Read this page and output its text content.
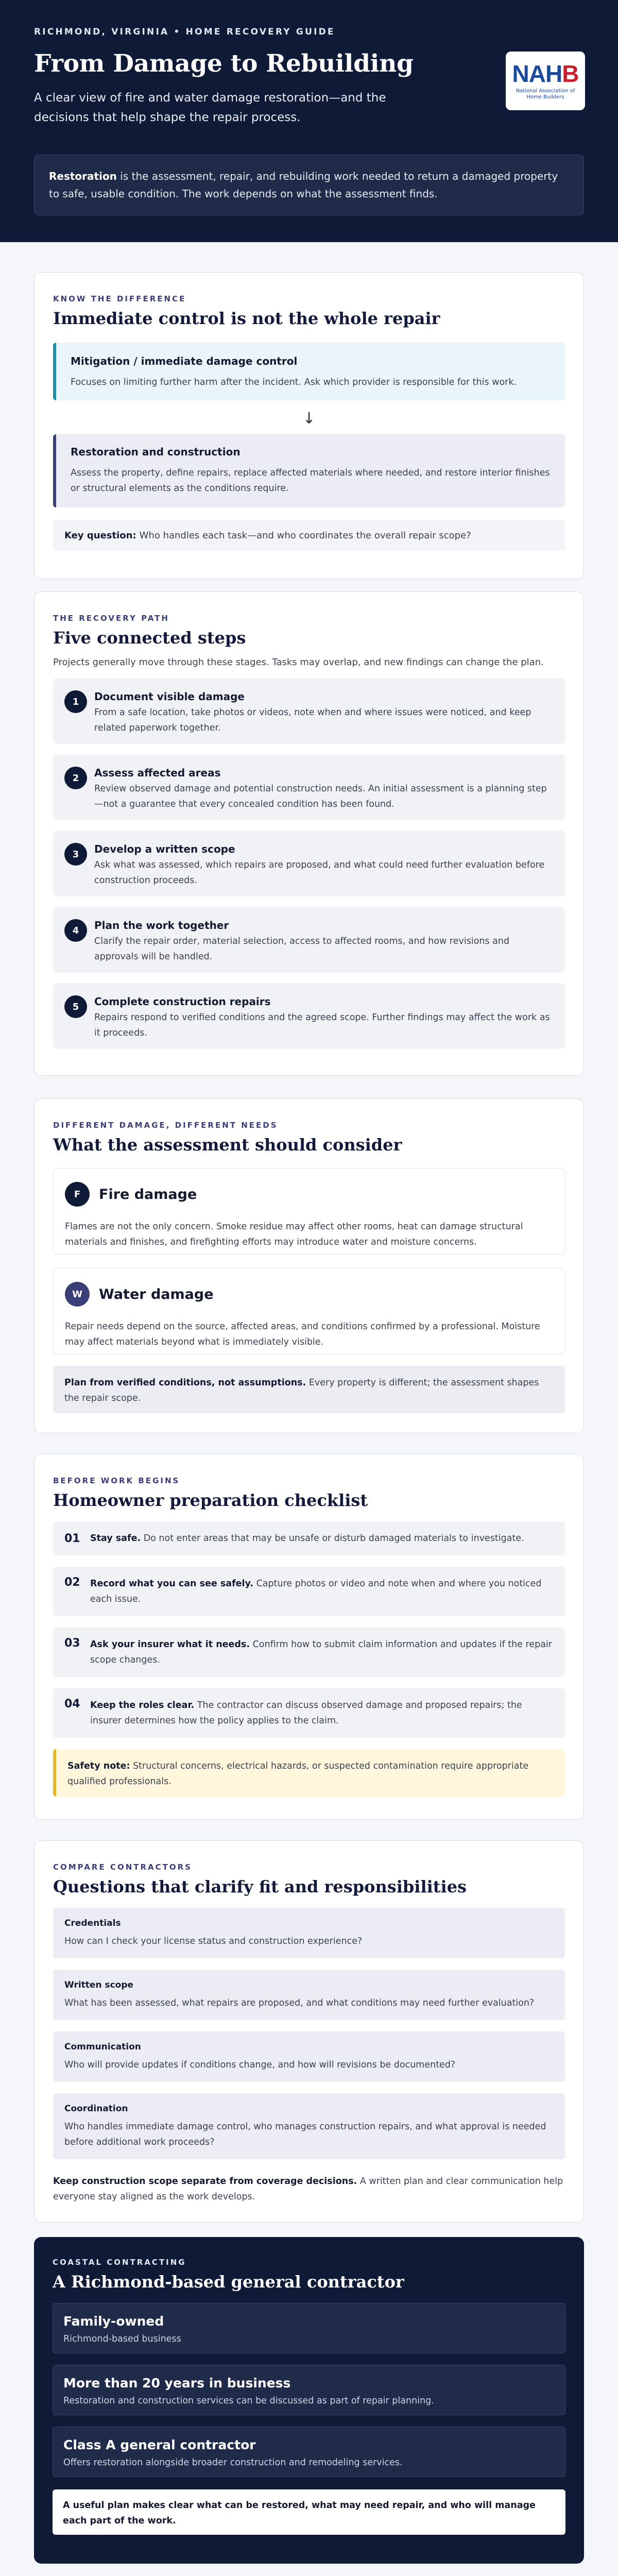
RICHMOND, VIRGINIA • HOME RECOVERY GUIDE
From Damage to Rebuilding

A clear view of fire and water damage restoration—and the decisions that help shape the repair process.

NAH B
National Association of Home Builders
Restoration is the assessment, repair, and rebuilding work needed to return a damaged property to safe, usable condition. The work depends on what the assessment finds.
KNOW THE DIFFERENCE
Immediate control is not the whole repair
Mitigation / immediate damage control
Focuses on limiting further harm after the incident. Ask which provider is responsible for this work.
↓
Restoration and construction
Assess the property, define repairs, replace affected materials where needed, and restore interior finishes or structural elements as the conditions require.
Key question: Who handles each task—and who coordinates the overall repair scope?
THE RECOVERY PATH
Five connected steps

Projects generally move through these stages. Tasks may overlap, and new findings can change the plan.

1	Document visible damage
From a safe location, take photos or videos, note when and where issues were noticed, and keep related paperwork together.
2	Assess affected areas
Review observed damage and potential construction needs. An initial assessment is a planning step—not a guarantee that every concealed condition has been found.
3	Develop a written scope
Ask what was assessed, which repairs are proposed, and what could need further evaluation before construction proceeds.
4	Plan the work together
Clarify the repair order, material selection, access to affected rooms, and how revisions and approvals will be handled.
5	Complete construction repairs
Repairs respond to verified conditions and the agreed scope. Further findings may affect the work as it proceeds.
DIFFERENT DAMAGE, DIFFERENT NEEDS
What the assessment should consider
F	Fire damage
Flames are not the only concern. Smoke residue may affect other rooms, heat can damage structural materials and finishes, and firefighting efforts may introduce water and moisture concerns.
W	Water damage
Repair needs depend on the source, affected areas, and conditions confirmed by a professional. Moisture may affect materials beyond what is immediately visible.
Plan from verified conditions, not assumptions. Every property is different; the assessment shapes the repair scope.
BEFORE WORK BEGINS
Homeowner preparation checklist
01	Stay safe. Do not enter areas that may be unsafe or disturb damaged materials to investigate.
02	Record what you can see safely. Capture photos or video and note when and where you noticed each issue.
03	Ask your insurer what it needs. Confirm how to submit claim information and updates if the repair scope changes.
04	Keep the roles clear. The contractor can discuss observed damage and proposed repairs; the insurer determines how the policy applies to the claim.
Safety note: Structural concerns, electrical hazards, or suspected contamination require appropriate qualified professionals.
COMPARE CONTRACTORS
Questions that clarify fit and responsibilities
Credentials
How can I check your license status and construction experience?
Written scope
What has been assessed, what repairs are proposed, and what conditions may need further evaluation?
Communication
Who will provide updates if conditions change, and how will revisions be documented?
Coordination
Who handles immediate damage control, who manages construction repairs, and what approval is needed before additional work proceeds?

Keep construction scope separate from coverage decisions. A written plan and clear communication help everyone stay aligned as the work develops.

COASTAL CONTRACTING
A Richmond-based general contractor
Family-owned
Richmond-based business
More than 20 years in business
Restoration and construction services can be discussed as part of repair planning.
Class A general contractor
Offers restoration alongside broader construction and remodeling services.
A useful plan makes clear what can be restored, what may need repair, and who will manage each part of the work.
